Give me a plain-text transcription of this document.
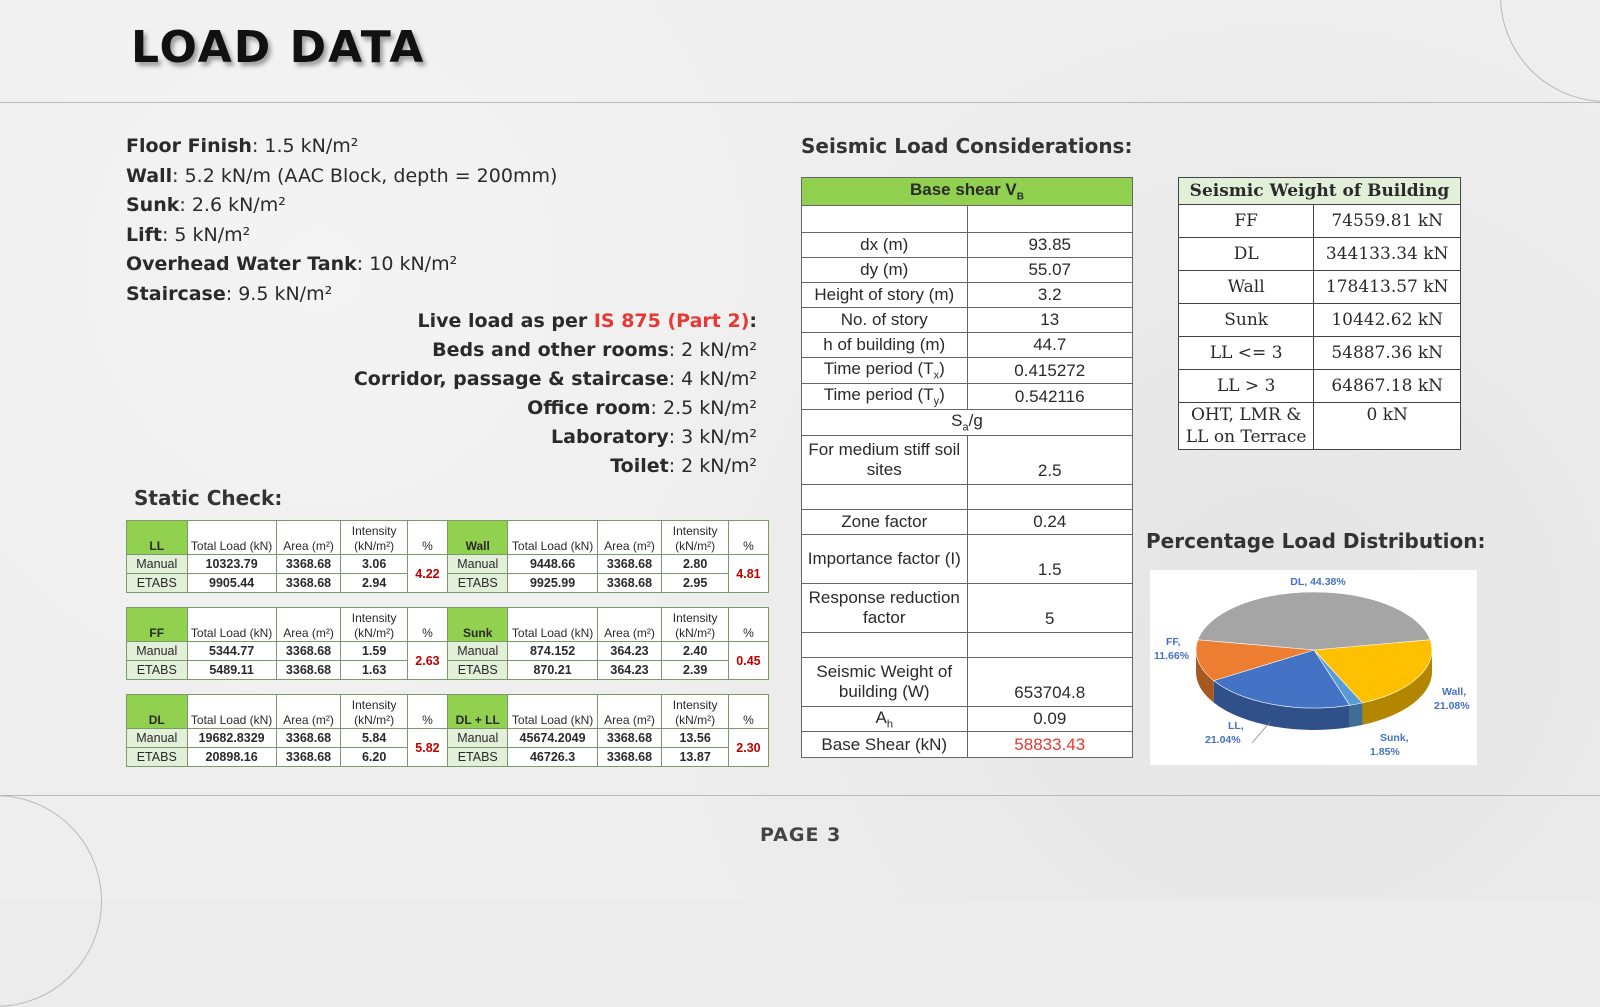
LOAD DATA
Floor Finish: 1.5 kN/m²
Wall: 5.2 kN/m (AAC Block, depth = 200mm)
Sunk: 2.6 kN/m²
Lift: 5 kN/m²
Overhead Water Tank: 10 kN/m²
Staircase: 9.5 kN/m²
Live load as per IS 875 (Part 2):
Beds and other rooms: 2 kN/m²
Corridor, passage & staircase: 4 kN/m²
Office room: 2.5 kN/m²
Laboratory: 3 kN/m²
Toilet: 2 kN/m²
Static Check:
LL	Total Load (kN)	Area (m²)	Intensity (kN/m²)	%	Wall	Total Load (kN)	Area (m²)	Intensity (kN/m²)	%
Manual	10323.79	3368.68	3.06	4.22	Manual	9448.66	3368.68	2.80	4.81
ETABS	9905.44	3368.68	2.94		ETABS	9925.99	3368.68	2.95	
FF	Total Load (kN)	Area (m²)	Intensity (kN/m²)	%	Sunk	Total Load (kN)	Area (m²)	Intensity (kN/m²)	%
Manual	5344.77	3368.68	1.59	2.63	Manual	874.152	364.23	2.40	0.45
ETABS	5489.11	3368.68	1.63		ETABS	870.21	364.23	2.39	
DL	Total Load (kN)	Area (m²)	Intensity (kN/m²)	%	DL + LL	Total Load (kN)	Area (m²)	Intensity (kN/m²)	%
Manual	19682.8329	3368.68	5.84	5.82	Manual	45674.2049	3368.68	13.56	2.30
ETABS	20898.16	3368.68	6.20		ETABS	46726.3	3368.68	13.87	
Seismic Load Considerations:
Base shear $V_B$

dx (m)	93.85
dy (m)	55.07
Height of story (m)	3.2
No. of story	13
h of building (m)	44.7
Time period $(T_x)$	0.415272
Time period $(T_y)$	0.542116
$S_a/g$	
For medium stiff soil sites	2.5

Zone factor	0.24
Importance factor (I)	1.5
Response reduction factor	5

Seismic Weight of building (W)	653704.8
$A_h$	0.09
Base Shear (kN)	58833.43
Seismic Weight of Building	
FF	74559.81 kN
DL	344133.34 kN
Wall	178413.57 kN
Sunk	10442.62 kN
LL <= 3	54887.36 kN
LL > 3	64867.18 kN
OHT, LMR & LL on Terrace	0 kN
Percentage Load Distribution:
DL, 44.38%
Wall,
21.08%
Sunk,
1.85%
LL,
21.04%
FF,
11.66%
PAGE 3
